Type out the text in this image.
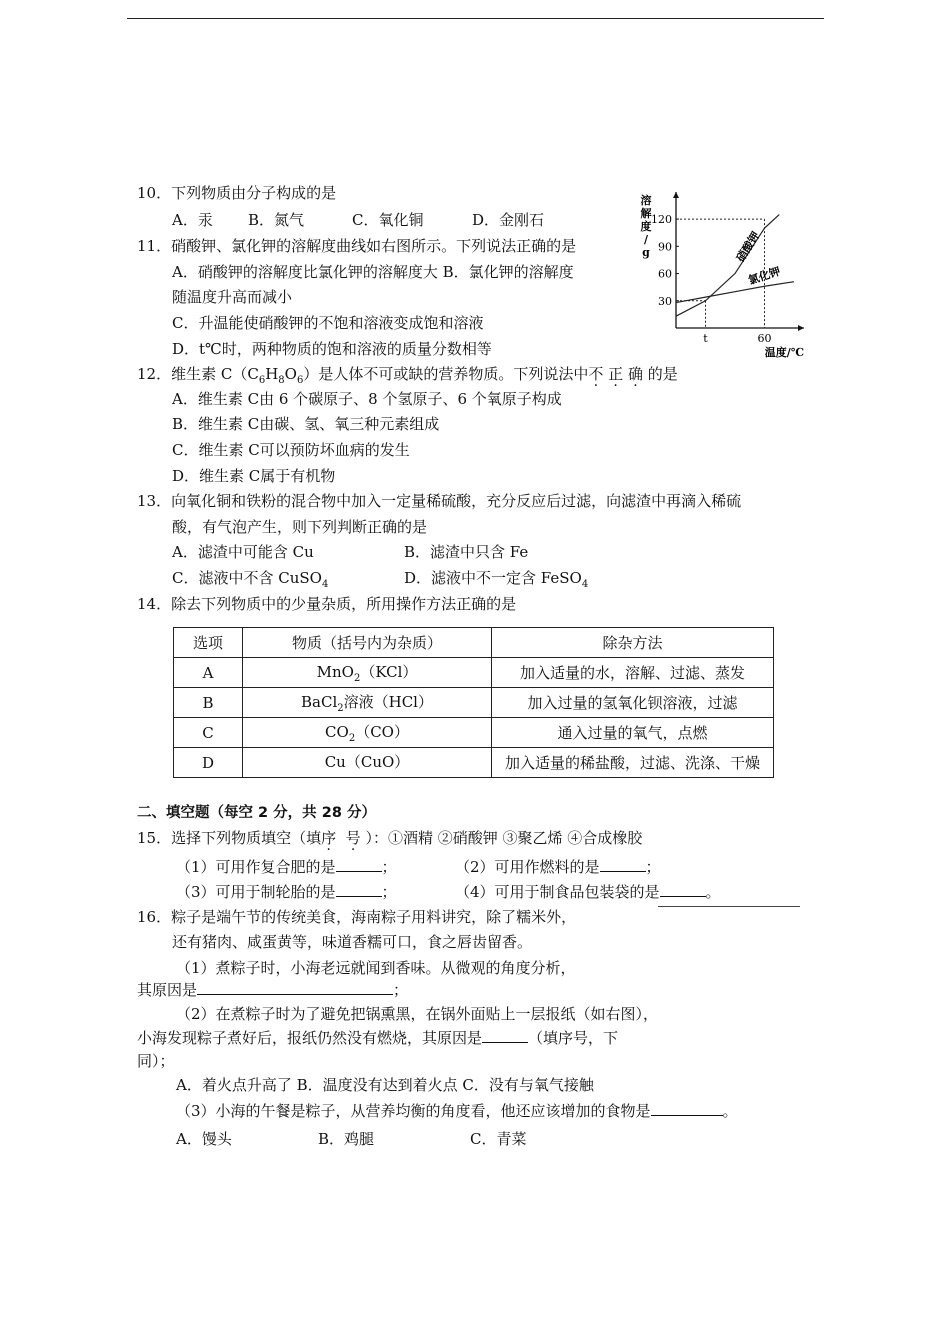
10．下列物质由分子构成的是
A．汞 B．氮气	C．氧化铜	D．金刚石
11．硝酸钾、氯化钾的溶解度曲线如右图所示。下列说法正确的是
A．硝酸钾的溶解度比氯化钾的溶解度大 B．氯化钾的溶解度
随温度升高而减小
C．升温能使硝酸钾的不饱和溶液变成饱和溶液
D．t℃时，两种物质的饱和溶液的质量分数相等
30
60
90
120
溶
解
度
/
g
t	60
温度/℃
硝酸钾
氯化钾
12．维生素 $C(C_6H_8O_6)$是人体不可或缺的营养物质。下列说法中不 正 确 的是
A．维生素 C由 6 个碳原子、8 个氢原子、6 个氧原子构成
B．维生素 C由碳、氢、氧三种元素组成
C．维生素 C可以预防坏血病的发生
D．维生素 C属于有机物
13．向氧化铜和铁粉的混合物中加入一定量稀硫酸，充分反应后过滤，向滤渣中再滴入稀硫
酸，有气泡产生，则下列判断正确的是
A．滤渣中可能含 Cu	B．滤渣中只含 Fe
C．滤液中不含 CuSO$_4$	D．滤液中不一定含 FeSO$_4$
14．除去下列物质中的少量杂质，所用操作方法正确的是
选项	物质（括号内为杂质）	除杂方法
A	MnO$_2$（KCl）	加入适量的水，溶解、过滤、蒸发
B	BaCl$_2$溶液（HCl）	加入过量的氢氧化钡溶液，过滤
C	$CO_2(CO)$	通入过量的氧气，点燃
D	Cu（CuO）	加入适量的稀盐酸，过滤、洗涤、干燥
二、填空题（每空 2 分，共 28 分）
15．选择下列物质填空（填序 号 ）：①酒精 ②硝酸钾 ③聚乙烯 ④合成橡胶
（1）可用作复合肥的是	；	（2）可用作燃料的是	；
（3）可用于制轮胎的是	；	（4）可用于制食品包装袋的是	。
16．粽子是端午节的传统美食，海南粽子用料讲究，除了糯米外，
还有猪肉、咸蛋黄等，味道香糯可口，食之唇齿留香。
（1）煮粽子时，小海老远就闻到香味。从微观的角度分析，
其原因是	；
（2）在煮粽子时为了避免把锅熏黑，在锅外面贴上一层报纸（如右图），
小海发现粽子煮好后，报纸仍然没有燃烧，其原因是	（填序号，下
同）；
A．着火点升高了 B．温度没有达到着火点 C．没有与氧气接触
（3）小海的午餐是粽子，从营养均衡的角度看，他还应该增加的食物是	。
A．馒头	B．鸡腿	C．青菜
